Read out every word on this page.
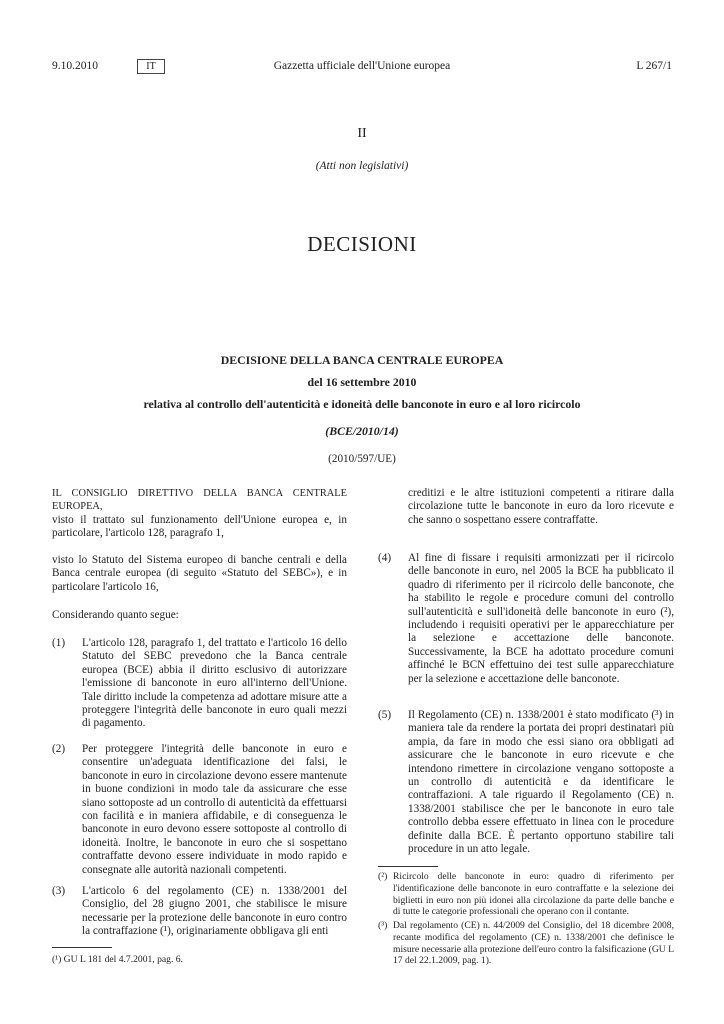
9.10.2010	IT	Gazzetta ufficiale dell'Unione europea	L 267/1
II
(Atti non legislativi)
DECISIONI
DECISIONE DELLA BANCA CENTRALE EUROPEA
del 16 settembre 2010
relativa al controllo dell'autenticità e idoneità delle banconote in euro e al loro ricircolo
(BCE/2010/14)
(2010/597/UE)
IL CONSIGLIO DIRETTIVO DELLA BANCA CENTRALE EUROPEA,
visto il trattato sul funzionamento dell'Unione europea e, in particolare, l'articolo 128, paragrafo 1,
visto lo Statuto del Sistema europeo di banche centrali e della Banca centrale europea (di seguito «Statuto del SEBC»), e in particolare l'articolo 16,
Considerando quanto segue:
(1)	L'articolo 128, paragrafo 1, del trattato e l'articolo 16 dello Statuto del SEBC prevedono che la Banca centrale europea (BCE) abbia il diritto esclusivo di autorizzare l'emissione di banconote in euro all'interno dell'Unione. Tale diritto include la competenza ad adottare misure atte a proteggere l'integrità delle banconote in euro quali mezzi di pagamento.
(2)	Per proteggere l'integrità delle banconote in euro e consentire un'adeguata identificazione dei falsi, le banconote in euro in circolazione devono essere mantenute in buone condizioni in modo tale da assicurare che esse siano sottoposte ad un controllo di autenticità da effettuarsi con facilità e in maniera affidabile, e di conseguenza le banconote in euro devono essere sottoposte al controllo di idoneità. Inoltre, le banconote in euro che si sospettano contraffatte devono essere individuate in modo rapido e consegnate alle autorità nazionali competenti.
(3)	L'articolo 6 del regolamento (CE) n. 1338/2001 del Consiglio, del 28 giugno 2001, che stabilisce le misure necessarie per la protezione delle banconote in euro contro la contraffazione (¹), originariamente obbligava gli enti
(¹) GU L 181 del 4.7.2001, pag. 6.
creditizi e le altre istituzioni competenti a ritirare dalla circolazione tutte le banconote in euro da loro ricevute e che sanno o sospettano essere contraffatte.
(4)	Al fine di fissare i requisiti armonizzati per il ricircolo delle banconote in euro, nel 2005 la BCE ha pubblicato il quadro di riferimento per il ricircolo delle banconote, che ha stabilito le regole e procedure comuni del controllo sull'autenticità e sull'idoneità delle banconote in euro (²), includendo i requisiti operativi per le apparecchiature per la selezione e accettazione delle banconote. Successivamente, la BCE ha adottato procedure comuni affinché le BCN effettuino dei test sulle apparecchiature per la selezione e accettazione delle banconote.
(5)	Il Regolamento (CE) n. 1338/2001 è stato modificato (³) in maniera tale da rendere la portata dei propri destinatari più ampia, da fare in modo che essi siano ora obbligati ad assicurare che le banconote in euro ricevute e che intendono rimettere in circolazione vengano sottoposte a un controllo di autenticità e da identificare le contraffazioni. A tale riguardo il Regolamento (CE) n. 1338/2001 stabilisce che per le banconote in euro tale controllo debba essere effettuato in linea con le procedure definite dalla BCE. È pertanto opportuno stabilire tali procedure in un atto legale.
(²) Ricircolo delle banconote in euro: quadro di riferimento per l'identificazione delle banconote in euro contraffatte e la selezione dei biglietti in euro non più idonei alla circolazione da parte delle banche e di tutte le categorie professionali che operano con il contante.
(³) Dal regolamento (CE) n. 44/2009 del Consiglio, del 18 dicembre 2008, recante modifica del regolamento (CE) n. 1338/2001 che definisce le misure necessarie alla protezione dell'euro contro la falsificazione (GU L 17 del 22.1.2009, pag. 1).
